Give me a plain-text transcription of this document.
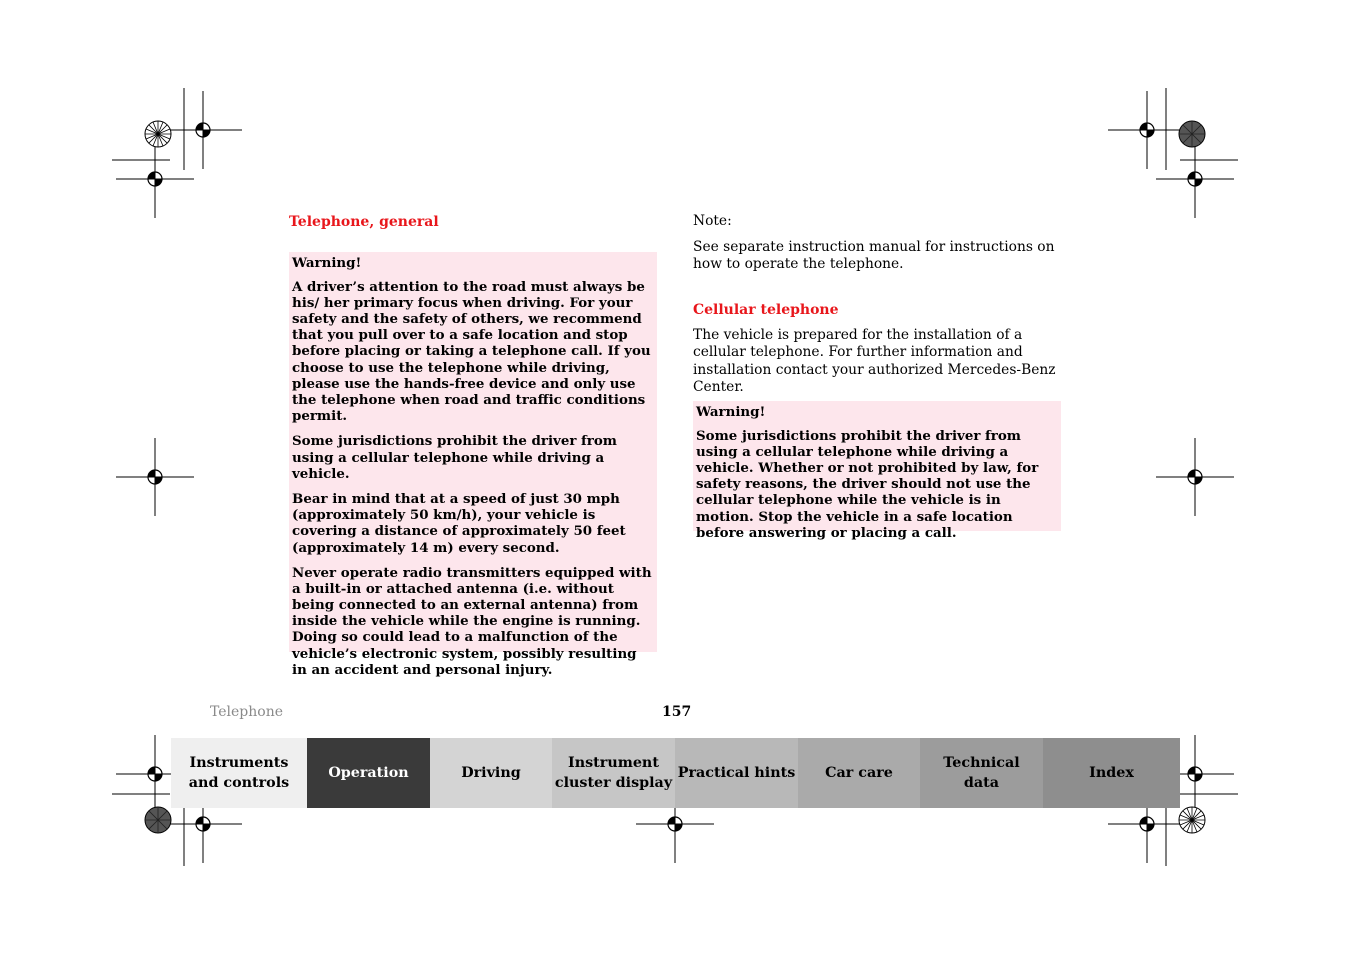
Telephone, general

Warning!

A driver’s attention to the road must always be his/ her primary focus when driving. For your safety and the safety of others, we recommend that you pull over to a safe location and stop before placing or taking a telephone call. If you choose to use the telephone while driving, please use the hands-free device and only use the telephone when road and traffic conditions permit.

Some jurisdictions prohibit the driver from using a cellular telephone while driving a vehicle.

Bear in mind that at a speed of just 30 mph (approximately 50 km/h), your vehicle is covering a distance of approximately 50 feet (approximately 14 m) every second.

Never operate radio transmitters equipped with a built-in or attached antenna (i.e. without being connected to an external antenna) from inside the vehicle while the engine is running. Doing so could lead to a malfunction of the vehicle’s electronic system, possibly resulting in an accident and personal injury.

Note:

See separate instruction manual for instructions on how to operate the telephone.

Cellular telephone

The vehicle is prepared for the installation of a cellular telephone. For further information and installation contact your authorized Mercedes-Benz Center.

Warning!

Some jurisdictions prohibit the driver from using a cellular telephone while driving a vehicle. Whether or not prohibited by law, for safety reasons, the driver should not use the cellular telephone while the vehicle is in motion. Stop the vehicle in a safe location before answering or placing a call.

Telephone	157
Instruments
and controls
Operation	Driving
Instrument
cluster display
Practical hints Car care
Technical
data
Index
